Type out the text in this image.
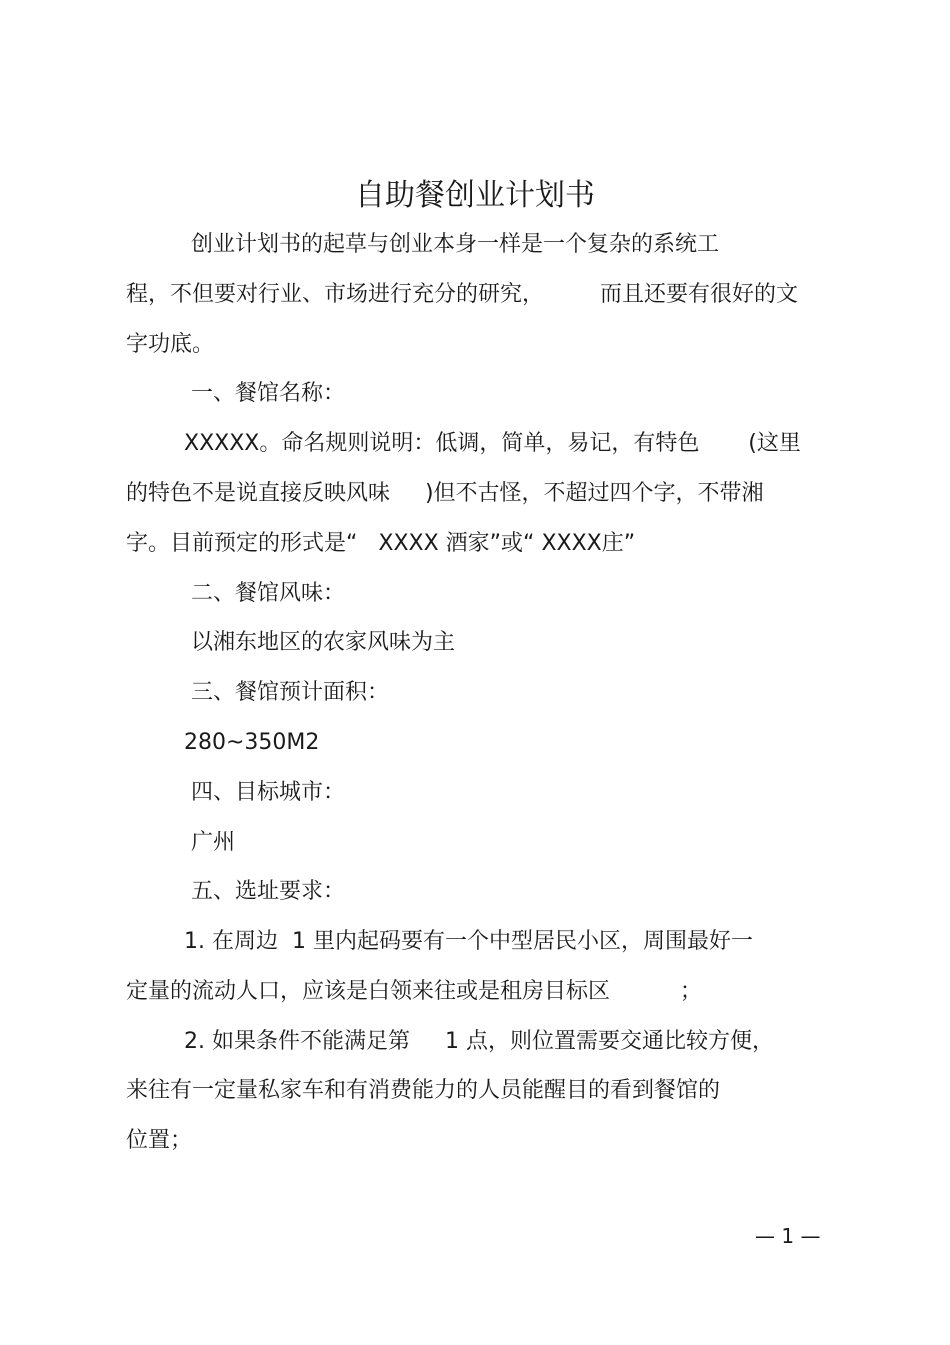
自助餐创业计划书

创业计划书的起草与创业本身一样是一个复杂的系统工

程，不但要对行业、市场进行充分的研究，        而且还要有很好的文

字功底。

一、餐馆名称：

XXXXX。命名规则说明：低调，简单，易记，有特色       (这里

的特色不是说直接反映风味     )但不古怪，不超过四个字，不带湘

字。目前预定的形式是“   XXXX 酒家”或“ XXXX庄”

二、餐馆风味：

以湘东地区的农家风味为主

三、餐馆预计面积：

280~350M2

四、目标城市：

广州

五、选址要求：

1. 在周边  1 里内起码要有一个中型居民小区，周围最好一

定量的流动人口，应该是白领来往或是租房目标区          ；

2. 如果条件不能满足第     1 点，则位置需要交通比较方便，

来往有一定量私家车和有消费能力的人员能醒目的看到餐馆的

位置；

— 1 —
